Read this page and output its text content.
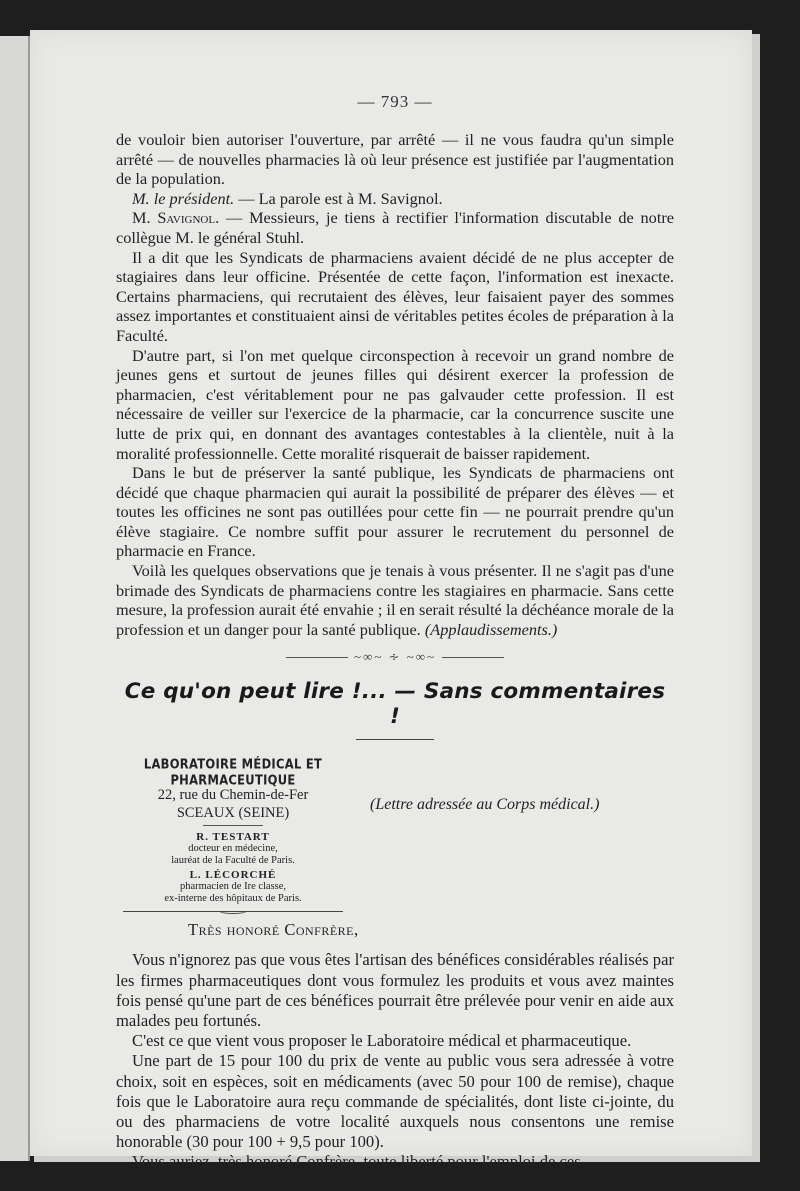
— 793 —

de vouloir bien autoriser l'ouverture, par arrêté — il ne vous faudra qu'un simple arrêté — de nouvelles pharmacies là où leur présence est justifiée par l'augmentation de la population.

M. le président. — La parole est à M. Savignol.

M. Savignol. — Messieurs, je tiens à rectifier l'information discutable de notre collègue M. le général Stuhl.

Il a dit que les Syndicats de pharmaciens avaient décidé de ne plus accepter de stagiaires dans leur officine. Présentée de cette façon, l'information est inexacte. Certains pharmaciens, qui recrutaient des élèves, leur faisaient payer des sommes assez importantes et constituaient ainsi de véritables petites écoles de préparation à la Faculté.

D'autre part, si l'on met quelque circonspection à recevoir un grand nombre de jeunes gens et surtout de jeunes filles qui désirent exercer la profession de pharmacien, c'est véritablement pour ne pas galvauder cette profession. Il est nécessaire de veiller sur l'exercice de la pharmacie, car la concurrence suscite une lutte de prix qui, en donnant des avantages contestables à la clientèle, nuit à la moralité professionnelle. Cette moralité risquerait de baisser rapidement.

Dans le but de préserver la santé publique, les Syndicats de pharmaciens ont décidé que chaque pharmacien qui aurait la possibilité de préparer des élèves — et toutes les officines ne sont pas outillées pour cette fin — ne pourrait prendre qu'un élève stagiaire. Ce nombre suffit pour assurer le recrutement du personnel de pharmacie en France.

Voilà les quelques observations que je tenais à vous présenter. Il ne s'agit pas d'une brimade des Syndicats de pharmaciens contre les stagiaires en pharmacie. Sans cette mesure, la profession aurait été envahie ; il en serait résulté la déchéance morale de la profession et un danger pour la santé publique. (Applaudissements.)

~∞~ ∻ ~∞~
Ce qu'on peut lire !... — Sans commentaires !
LABORATOIRE MÉDICAL ET PHARMACEUTIQUE
22, rue du Chemin-de-Fer
SCEAUX (SEINE)
R. TESTART
docteur en médecine,
lauréat de la Faculté de Paris.
L. LÉCORCHÉ
pharmacien de Ire classe,
ex-interne des hôpitaux de Paris.
(Lettre adressée au Corps médical.)
Très honoré Confrère,

Vous n'ignorez pas que vous êtes l'artisan des bénéfices considérables réalisés par les firmes pharmaceutiques dont vous formulez les produits et vous avez maintes fois pensé qu'une part de ces bénéfices pourrait être prélevée pour venir en aide aux malades peu fortunés.

C'est ce que vient vous proposer le Laboratoire médical et pharmaceutique.

Une part de 15 pour 100 du prix de vente au public vous sera adressée à votre choix, soit en espèces, soit en médicaments (avec 50 pour 100 de remise), chaque fois que le Laboratoire aura reçu commande de spécialités, dont liste ci-jointe, du ou des pharmaciens de votre localité auxquels nous consentons une remise honorable (30 pour 100 + 9,5 pour 100).

Vous auriez, très honoré Confrère, toute liberté pour l'emploi de ces
